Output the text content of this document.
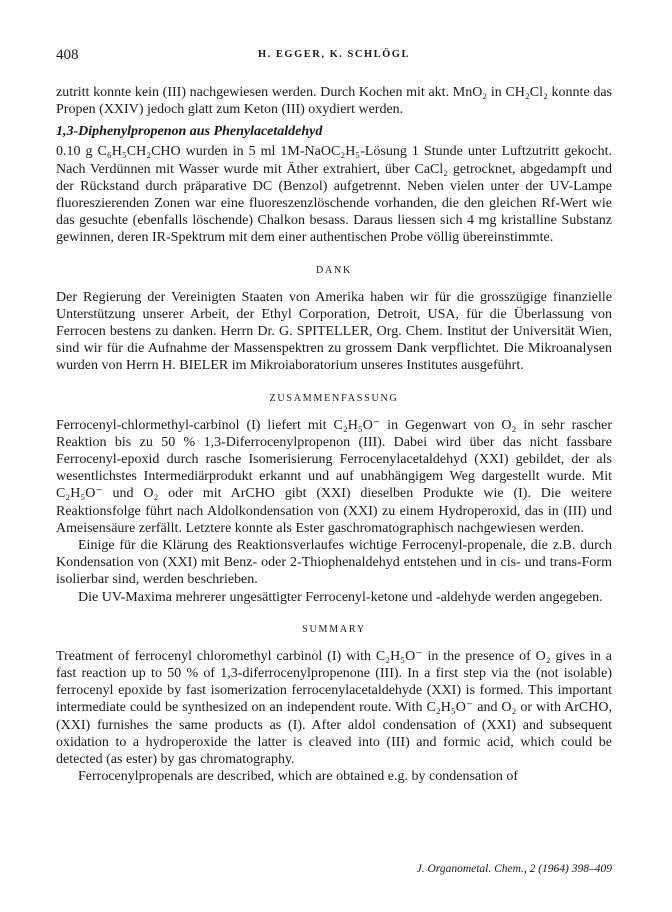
408	H. EGGER, K. SCHLÖGL

zutritt konnte kein (III) nachgewiesen werden. Durch Kochen mit akt. MnO₂ in CH₂Cl₂ konnte das Propen (XXIV) jedoch glatt zum Keton (III) oxydiert werden.

1,3-Diphenylpropenon aus Phenylacetaldehyd

0.10 g C₆H₅CH₂CHO wurden in 5 ml 1M-NaOC₂H₅-Lösung 1 Stunde unter Luftzutritt gekocht. Nach Verdünnen mit Wasser wurde mit Äther extrahiert, über CaCl₂ getrocknet, abgedampft und der Rückstand durch präparative DC (Benzol) aufgetrennt. Neben vielen unter der UV-Lampe fluoreszierenden Zonen war eine fluoreszenzlöschende vorhanden, die den gleichen Rf-Wert wie das gesuchte (ebenfalls löschende) Chalkon besass. Daraus liessen sich 4 mg kristalline Substanz gewinnen, deren IR-Spektrum mit dem einer authentischen Probe völlig übereinstimmte.

DANK

Der Regierung der Vereinigten Staaten von Amerika haben wir für die grosszügige finanzielle Unterstützung unserer Arbeit, der Ethyl Corporation, Detroit, USA, für die Überlassung von Ferrocen bestens zu danken. Herrn Dr. G. SPITELLER, Org. Chem. Institut der Universität Wien, sind wir für die Aufnahme der Massenspektren zu grossem Dank verpflichtet. Die Mikroanalysen wurden von Herrn H. BIELER im Mikroiaboratorium unseres Institutes ausgeführt.

ZUSAMMENFASSUNG

Ferrocenyl-chlormethyl-carbinol (I) liefert mit C₂H₅O⁻ in Gegenwart von O₂ in sehr rascher Reaktion bis zu 50 % 1,3-Diferrocenylpropenon (III). Dabei wird über das nicht fassbare Ferrocenyl-epoxid durch rasche Isomerisierung Ferrocenylacetaldehyd (XXI) gebildet, der als wesentlichstes Intermediärprodukt erkannt und auf unabhängigem Weg dargestellt wurde. Mit C₂H₅O⁻ und O₂ oder mit ArCHO gibt (XXI) dieselben Produkte wie (I). Die weitere Reaktionsfolge führt nach Aldolkondensation von (XXI) zu einem Hydroperoxid, das in (III) und Ameisensäure zerfällt. Letztere konnte als Ester gaschromatographisch nachgewiesen werden.

Einige für die Klärung des Reaktionsverlaufes wichtige Ferrocenyl-propenale, die z.B. durch Kondensation von (XXI) mit Benz- oder 2-Thiophenaldehyd entstehen und in cis- und trans-Form isolierbar sind, werden beschrieben.

Die UV-Maxima mehrerer ungesättigter Ferrocenyl-ketone und -aldehyde werden angegeben.

SUMMARY

Treatment of ferrocenyl chloromethyl carbinol (I) with C₂H₅O⁻ in the presence of O₂ gives in a fast reaction up to 50 % of 1,3-diferrocenylpropenone (III). In a first step via the (not isolable) ferrocenyl epoxide by fast isomerization ferrocenylacetaldehyde (XXI) is formed. This important intermediate could be synthesized on an independent route. With C₂H₅O⁻ and O₂ or with ArCHO, (XXI) furnishes the same products as (I). After aldol condensation of (XXI) and subsequent oxidation to a hydroperoxide the latter is cleaved into (III) and formic acid, which could be detected (as ester) by gas chromatography.

Ferrocenylpropenals are described, which are obtained e.g. by condensation of

J. Organometal. Chem., 2 (1964) 398–409
